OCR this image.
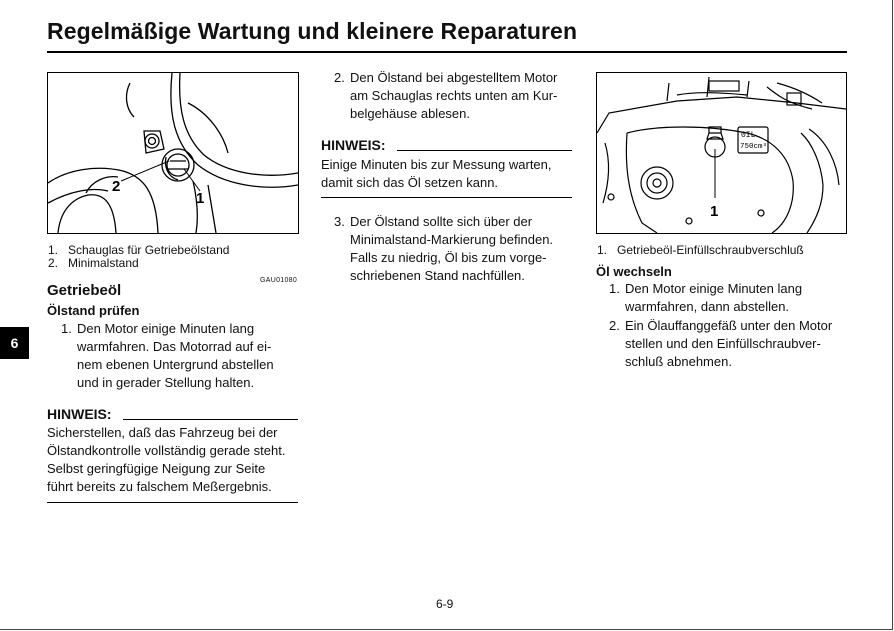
Regelmäßige Wartung und kleinere Reparaturen
6
2
1
1. Schauglas für Getriebeölstand
2. Minimalstand
GAU01080
Getriebeöl
Ölstand prüfen
1. Den Motor einige Minuten lang
warmfahren. Das Motorrad auf ei-
nem ebenen Untergrund abstellen
und in gerader Stellung halten.
HINWEIS:
Sicherstellen, daß das Fahrzeug bei der
Ölstandkontrolle vollständig gerade steht.
Selbst geringfügige Neigung zur Seite
führt bereits zu falschem Meßergebnis.
2. Den Ölstand bei abgestelltem Motor
am Schauglas rechts unten am Kur-
belgehäuse ablesen.
HINWEIS:
Einige Minuten bis zur Messung warten,
damit sich das Öl setzen kann.
3. Der Ölstand sollte sich über der
Minimalstand-Markierung befinden.
Falls zu niedrig, Öl bis zum vorge-
schriebenen Stand nachfüllen.
0IL
750cm³
1
1. Getriebeöl-Einfüllschraubverschluß
Öl wechseln
1. Den Motor einige Minuten lang
warmfahren, dann abstellen.
2. Ein Ölauffanggefäß unter den Motor
stellen und den Einfüllschraubver-
schluß abnehmen.
6-9
